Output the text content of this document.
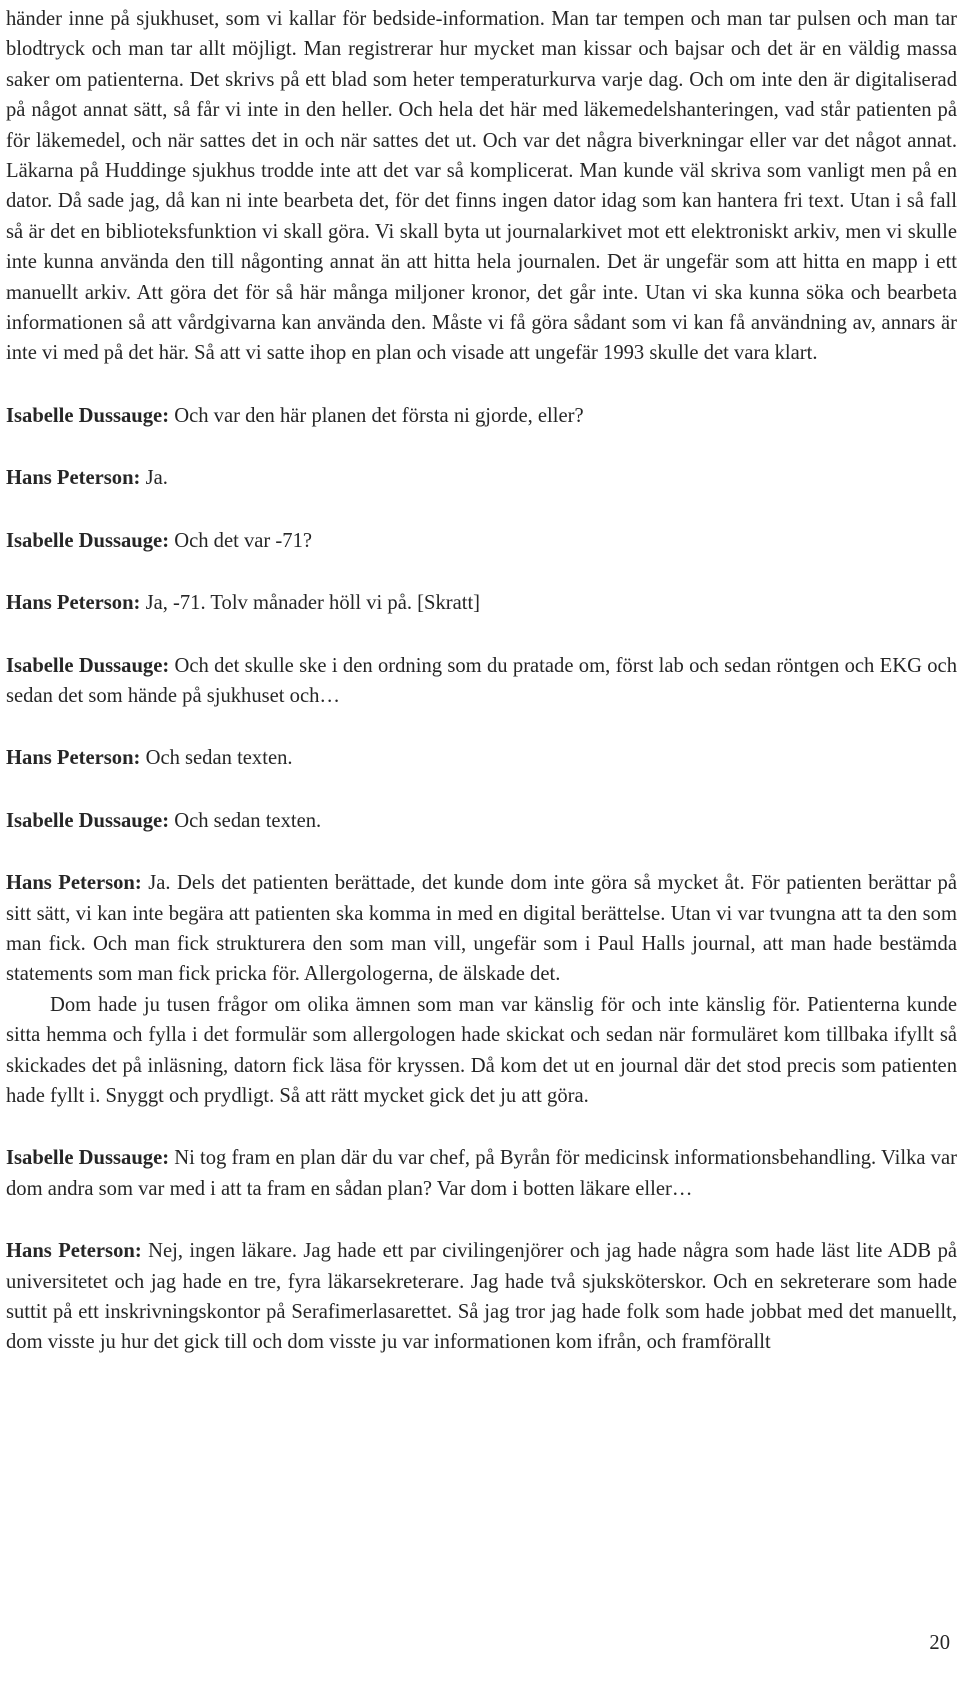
händer inne på sjukhuset, som vi kallar för bedside-information. Man tar tempen och man tar pulsen och man tar blodtryck och man tar allt möjligt. Man registrerar hur mycket man kissar och bajsar och det är en väldig massa saker om patienterna. Det skrivs på ett blad som heter temperaturkurva varje dag. Och om inte den är digitaliserad på något annat sätt, så får vi inte in den heller. Och hela det här med läkemedelshanteringen, vad står patienten på för läkemedel, och när sattes det in och när sattes det ut. Och var det några biverkningar eller var det något annat. Läkarna på Huddinge sjukhus trodde inte att det var så komplicerat. Man kunde väl skriva som vanligt men på en dator. Då sade jag, då kan ni inte bearbeta det, för det finns ingen dator idag som kan hantera fri text. Utan i så fall så är det en biblioteksfunktion vi skall göra. Vi skall byta ut journalarkivet mot ett elektroniskt arkiv, men vi skulle inte kunna använda den till någonting annat än att hitta hela journalen. Det är ungefär som att hitta en mapp i ett manuellt arkiv. Att göra det för så här många miljoner kronor, det går inte. Utan vi ska kunna söka och bearbeta informationen så att vårdgivarna kan använda den. Måste vi få göra sådant som vi kan få användning av, annars är inte vi med på det här. Så att vi satte ihop en plan och visade att ungefär 1993 skulle det vara klart.

Isabelle Dussauge: Och var den här planen det första ni gjorde, eller?

Hans Peterson: Ja.

Isabelle Dussauge: Och det var -71?

Hans Peterson: Ja, -71. Tolv månader höll vi på. [Skratt]

Isabelle Dussauge: Och det skulle ske i den ordning som du pratade om, först lab och sedan röntgen och EKG och sedan det som hände på sjukhuset och…

Hans Peterson: Och sedan texten.

Isabelle Dussauge: Och sedan texten.

Hans Peterson: Ja. Dels det patienten berättade, det kunde dom inte göra så mycket åt. För patienten berättar på sitt sätt, vi kan inte begära att patienten ska komma in med en digital berättelse. Utan vi var tvungna att ta den som man fick. Och man fick strukturera den som man vill, ungefär som i Paul Halls journal, att man hade bestämda statements som man fick pricka för. Allergologerna, de älskade det.

Dom hade ju tusen frågor om olika ämnen som man var känslig för och inte känslig för. Patienterna kunde sitta hemma och fylla i det formulär som allergologen hade skickat och sedan när formuläret kom tillbaka ifyllt så skickades det på inläsning, datorn fick läsa för kryssen. Då kom det ut en journal där det stod precis som patienten hade fyllt i. Snyggt och prydligt. Så att rätt mycket gick det ju att göra.

Isabelle Dussauge: Ni tog fram en plan där du var chef, på Byrån för medicinsk informationsbehandling. Vilka var dom andra som var med i att ta fram en sådan plan? Var dom i botten läkare eller…

Hans Peterson: Nej, ingen läkare. Jag hade ett par civilingenjörer och jag hade några som hade läst lite ADB på universitetet och jag hade en tre, fyra läkarsekreterare. Jag hade två sjuksköterskor. Och en sekreterare som hade suttit på ett inskrivningskontor på Serafimerlasarettet. Så jag tror jag hade folk som hade jobbat med det manuellt, dom visste ju hur det gick till och dom visste ju var informationen kom ifrån, och framförallt

20
